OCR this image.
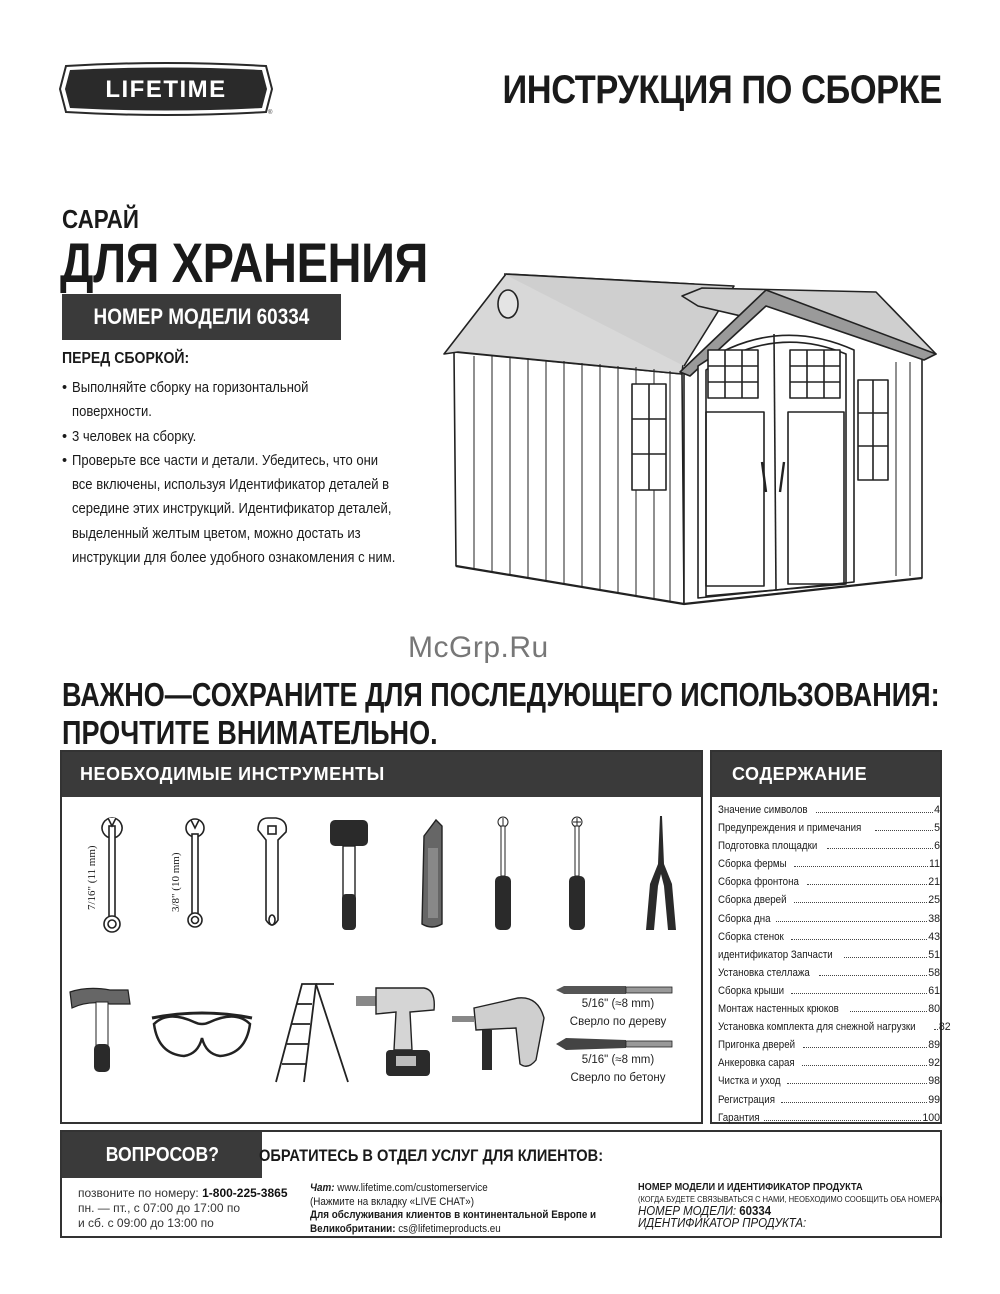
LIFETIME
®
ИНСТРУКЦИЯ ПО СБОРКЕ
САРАЙ
ДЛЯ ХРАНЕНИЯ
НОМЕР МОДЕЛИ 60334
ПЕРЕД СБОРКОЙ:
• Выполняйте сборку на горизонтальной
поверхности.
• 3 человек на сборку.
• Проверьте все части и детали. Убедитесь, что они
все включены, используя Идентификатор деталей в
середине этих инструкций. Идентификатор деталей,
выделенный желтым цветом, можно достать из
инструкции для более удобного ознакомления с ним.
McGrp.Ru
ВАЖНО—СОХРАНИТЕ ДЛЯ ПОСЛЕДУЮЩЕГО ИСПОЛЬЗОВАНИЯ:
ПРОЧТИТЕ ВНИМАТЕЛЬНО.
НЕОБХОДИМЫЕ ИНСТРУМЕНТЫ
7/16" (11 mm)	3/8" (10 mm)
5/16" (≈8 mm)
Сверло по дереву
5/16" (≈8 mm)
Сверло по бетону
СОДЕРЖАНИЕ
Значение символов	4
Предупреждения и примечания	5
Подготовка площадки	6
Сборка фермы	11
Сборка фронтона	21
Сборка дверей	25
Сборка дна	38
Сборка стенок	43
идентификатор Запчасти	51
Установка стеллажа	58
Сборка крыши	61
Монтаж настенных крюков	80
Установка комплекта для снежной нагрузки 82
Пригонка дверей	89
Анкеровка сарая	92
Чистка и уход	98
Регистрация	99
Гарантия	100
ВОПРОСОВ? ОБРАТИТЕСЬ В ОТДЕЛ УСЛУГ ДЛЯ КЛИЕНТОВ:
позвоните по номеру: 1-800-225-3865
пн. — пт., с 07:00 до 17:00 по
и сб. с 09:00 до 13:00 по
Чат: www.lifetime.com/customerservice
(Нажмите на вкладку «LIVE CHAT»)
Для обслуживания клиентов в континентальной Европе и
Великобритании: cs@lifetimeproducts.eu
НОМЕР МОДЕЛИ И ИДЕНТИФИКАТОР ПРОДУКТА
(КОГДА БУДЕТЕ СВЯЗЫВАТЬСЯ С НАМИ, НЕОБХОДИМО СООБЩИТЬ ОБА НОМЕРА)
НОМЕР МОДЕЛИ: 60334
ИДЕНТИФИКАТОР ПРОДУКТА:
